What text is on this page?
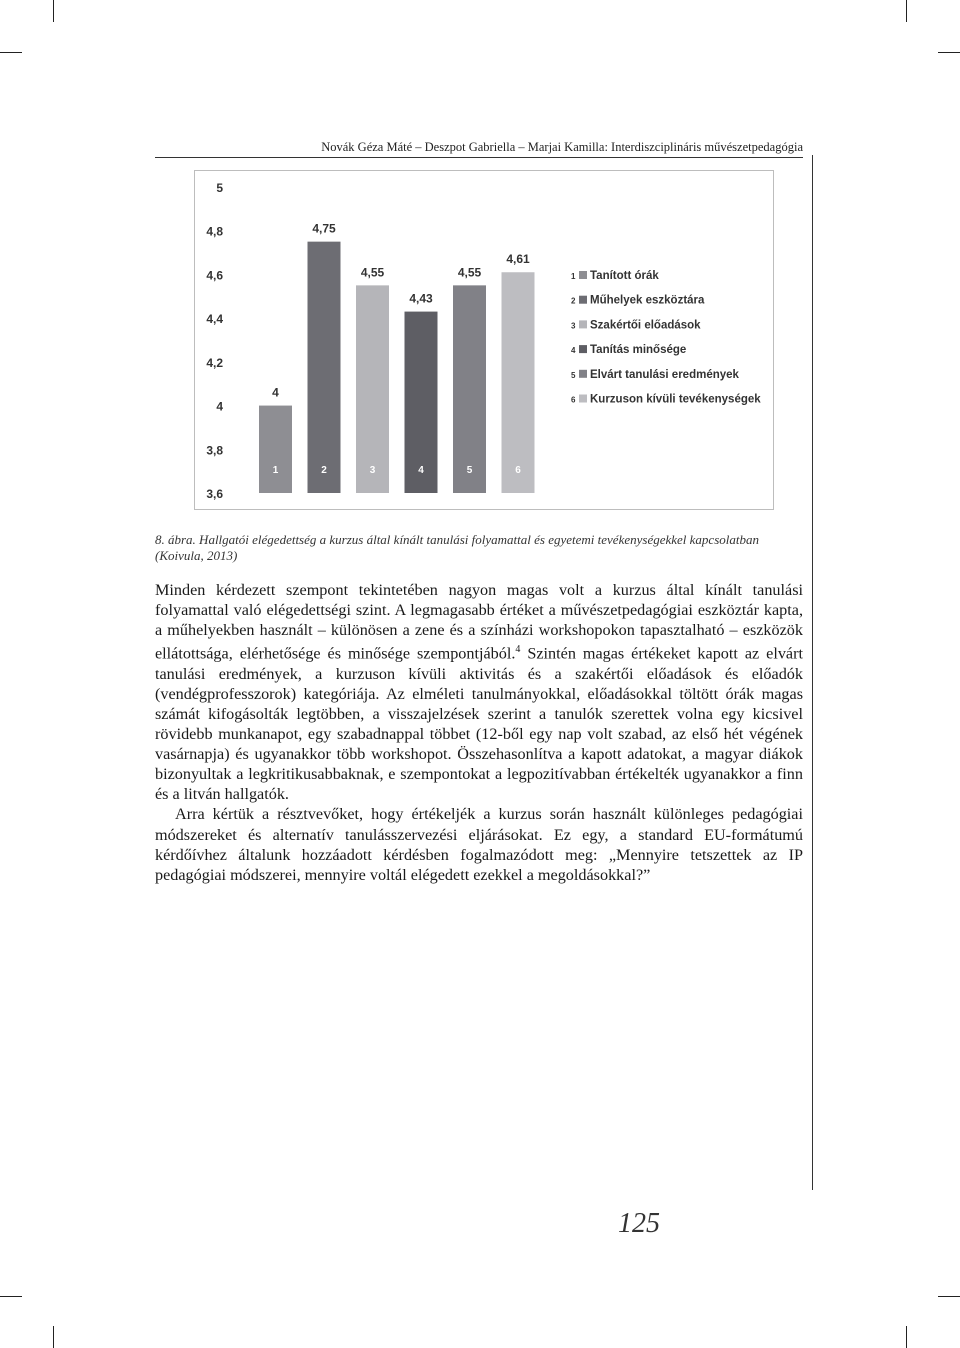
Novák Géza Máté – Deszpot Gabriella – Marjai Kamilla: Interdiszciplináris művészetpedagógia
5
4,8
4,6
4,4
4,2
4
3,8
3,6
4
1
4,75
2
4,55
3
4,43
4
4,55
5
4,61
6
1 Tanított órák
2 Műhelyek eszköztára
3 Szakértői előadások
4 Tanítás minősége
5 Elvárt tanulási eredmények
6 Kurzuson kívüli tevékenységek
8. ábra. Hallgatói elégedettség a kurzus által kínált tanulási folyamattal és egyetemi tevékenységekkel kapcsolatban (Koivula, 2013)

Minden kérdezett szempont tekintetében nagyon magas volt a kurzus által kínált tanulási folyamattal való elégedettségi szint. A legmagasabb értéket a művészetpedagógiai eszköztár kapta, a műhelyekben használt – különösen a zene és a színházi workshopokon tapasztalható – eszközök ellátottsága, elérhetősége és minősége szempontjából.$^4$ Szintén magas értékeket kapott az elvárt tanulási eredmények, a kurzuson kívüli aktivitás és a szakértői előadások és előadók (vendégprofesszorok) kategóriája. Az elméleti tanulmányokkal, előadásokkal töltött órák magas számát kifogásolták legtöbben, a visszajelzések szerint a tanulók szerettek volna egy kicsivel rövidebb munkanapot, egy szabadnappal többet (12-ből egy nap volt szabad, az első hét végének vasárnapja) és ugyanakkor több workshopot. Összehasonlítva a kapott adatokat, a magyar diákok bizonyultak a legkritikusabbaknak, e szempontokat a legpozitívabban értékelték ugyanakkor a finn és a litván hallgatók.

Arra kértük a résztvevőket, hogy értékeljék a kurzus során használt különleges pedagógiai módszereket és alternatív tanulásszervezési eljárásokat. Ez egy, a standard EU-formátumú kérdőívhez általunk hozzáadott kérdésben fogalmazódott meg: „Mennyire tetszettek az IP pedagógiai módszerei, mennyire voltál elégedett ezekkel a megoldásokkal?”

125
